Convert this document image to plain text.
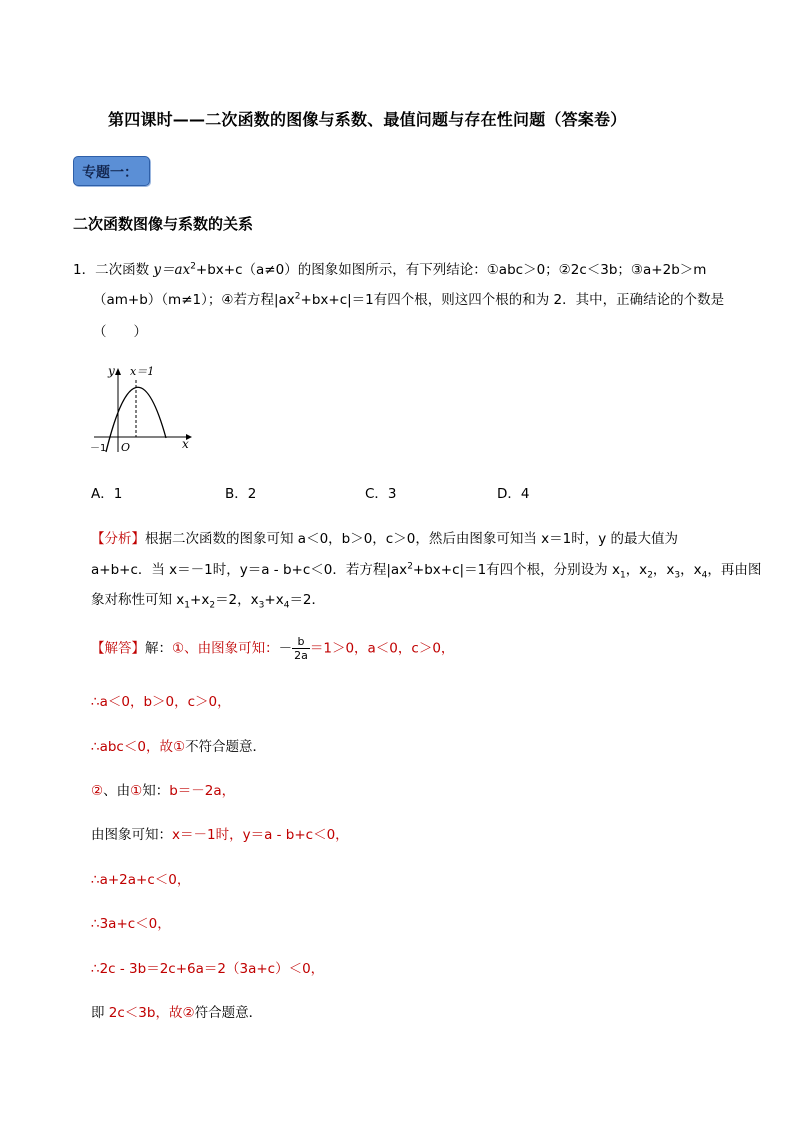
第四课时——二次函数的图像与系数、最值问题与存在性问题（答案卷）
专题一：
二次函数图像与系数的关系
1．二次函数 $y=ax^2+bx+c(a\ne 0)$的图象如图所示，有下列结论：①abc＞0；②2c＜3b；③a+2b＞m
（am+b）（m≠1）；④若方程$|ax^2+bx+c|=1$有四个根，则这四个根的和为 2．其中，正确结论的个数是
（　　）
y x＝1
O
－1	x
A．1	B．2	C．3	D．4
【分析】根据二次函数的图象可知 a＜0，b＞0，c＞0，然后由图象可知当 x＝1时，y 的最大值为
a+b+c．当 x＝－1时，y＝a - b+c＜0．若方程$|ax^2+bx+c|=1$有四个根，分别设为 $x_1$，$x_2$，$x_3$，$x_4$，再由图
象对称性可知 $x_1+x_2=2$，$x_3+x_4=2$．
【解答】解：①、由图象可知：－ $\frac{b}{2a} =1>0$，a＜0，c＞0，
∴a＜0，b＞0，c＞0，
∴abc＜0，故①不符合题意．
②、由①知：b＝－2a，
由图象可知：x＝－1时，y＝a - b+c＜0，
∴a+2a+c＜0，
∴3a+c＜0，
∴2c - 3b＝2c+6a＝2（3a+c）＜0，
即 2c＜3b，故②符合题意．
